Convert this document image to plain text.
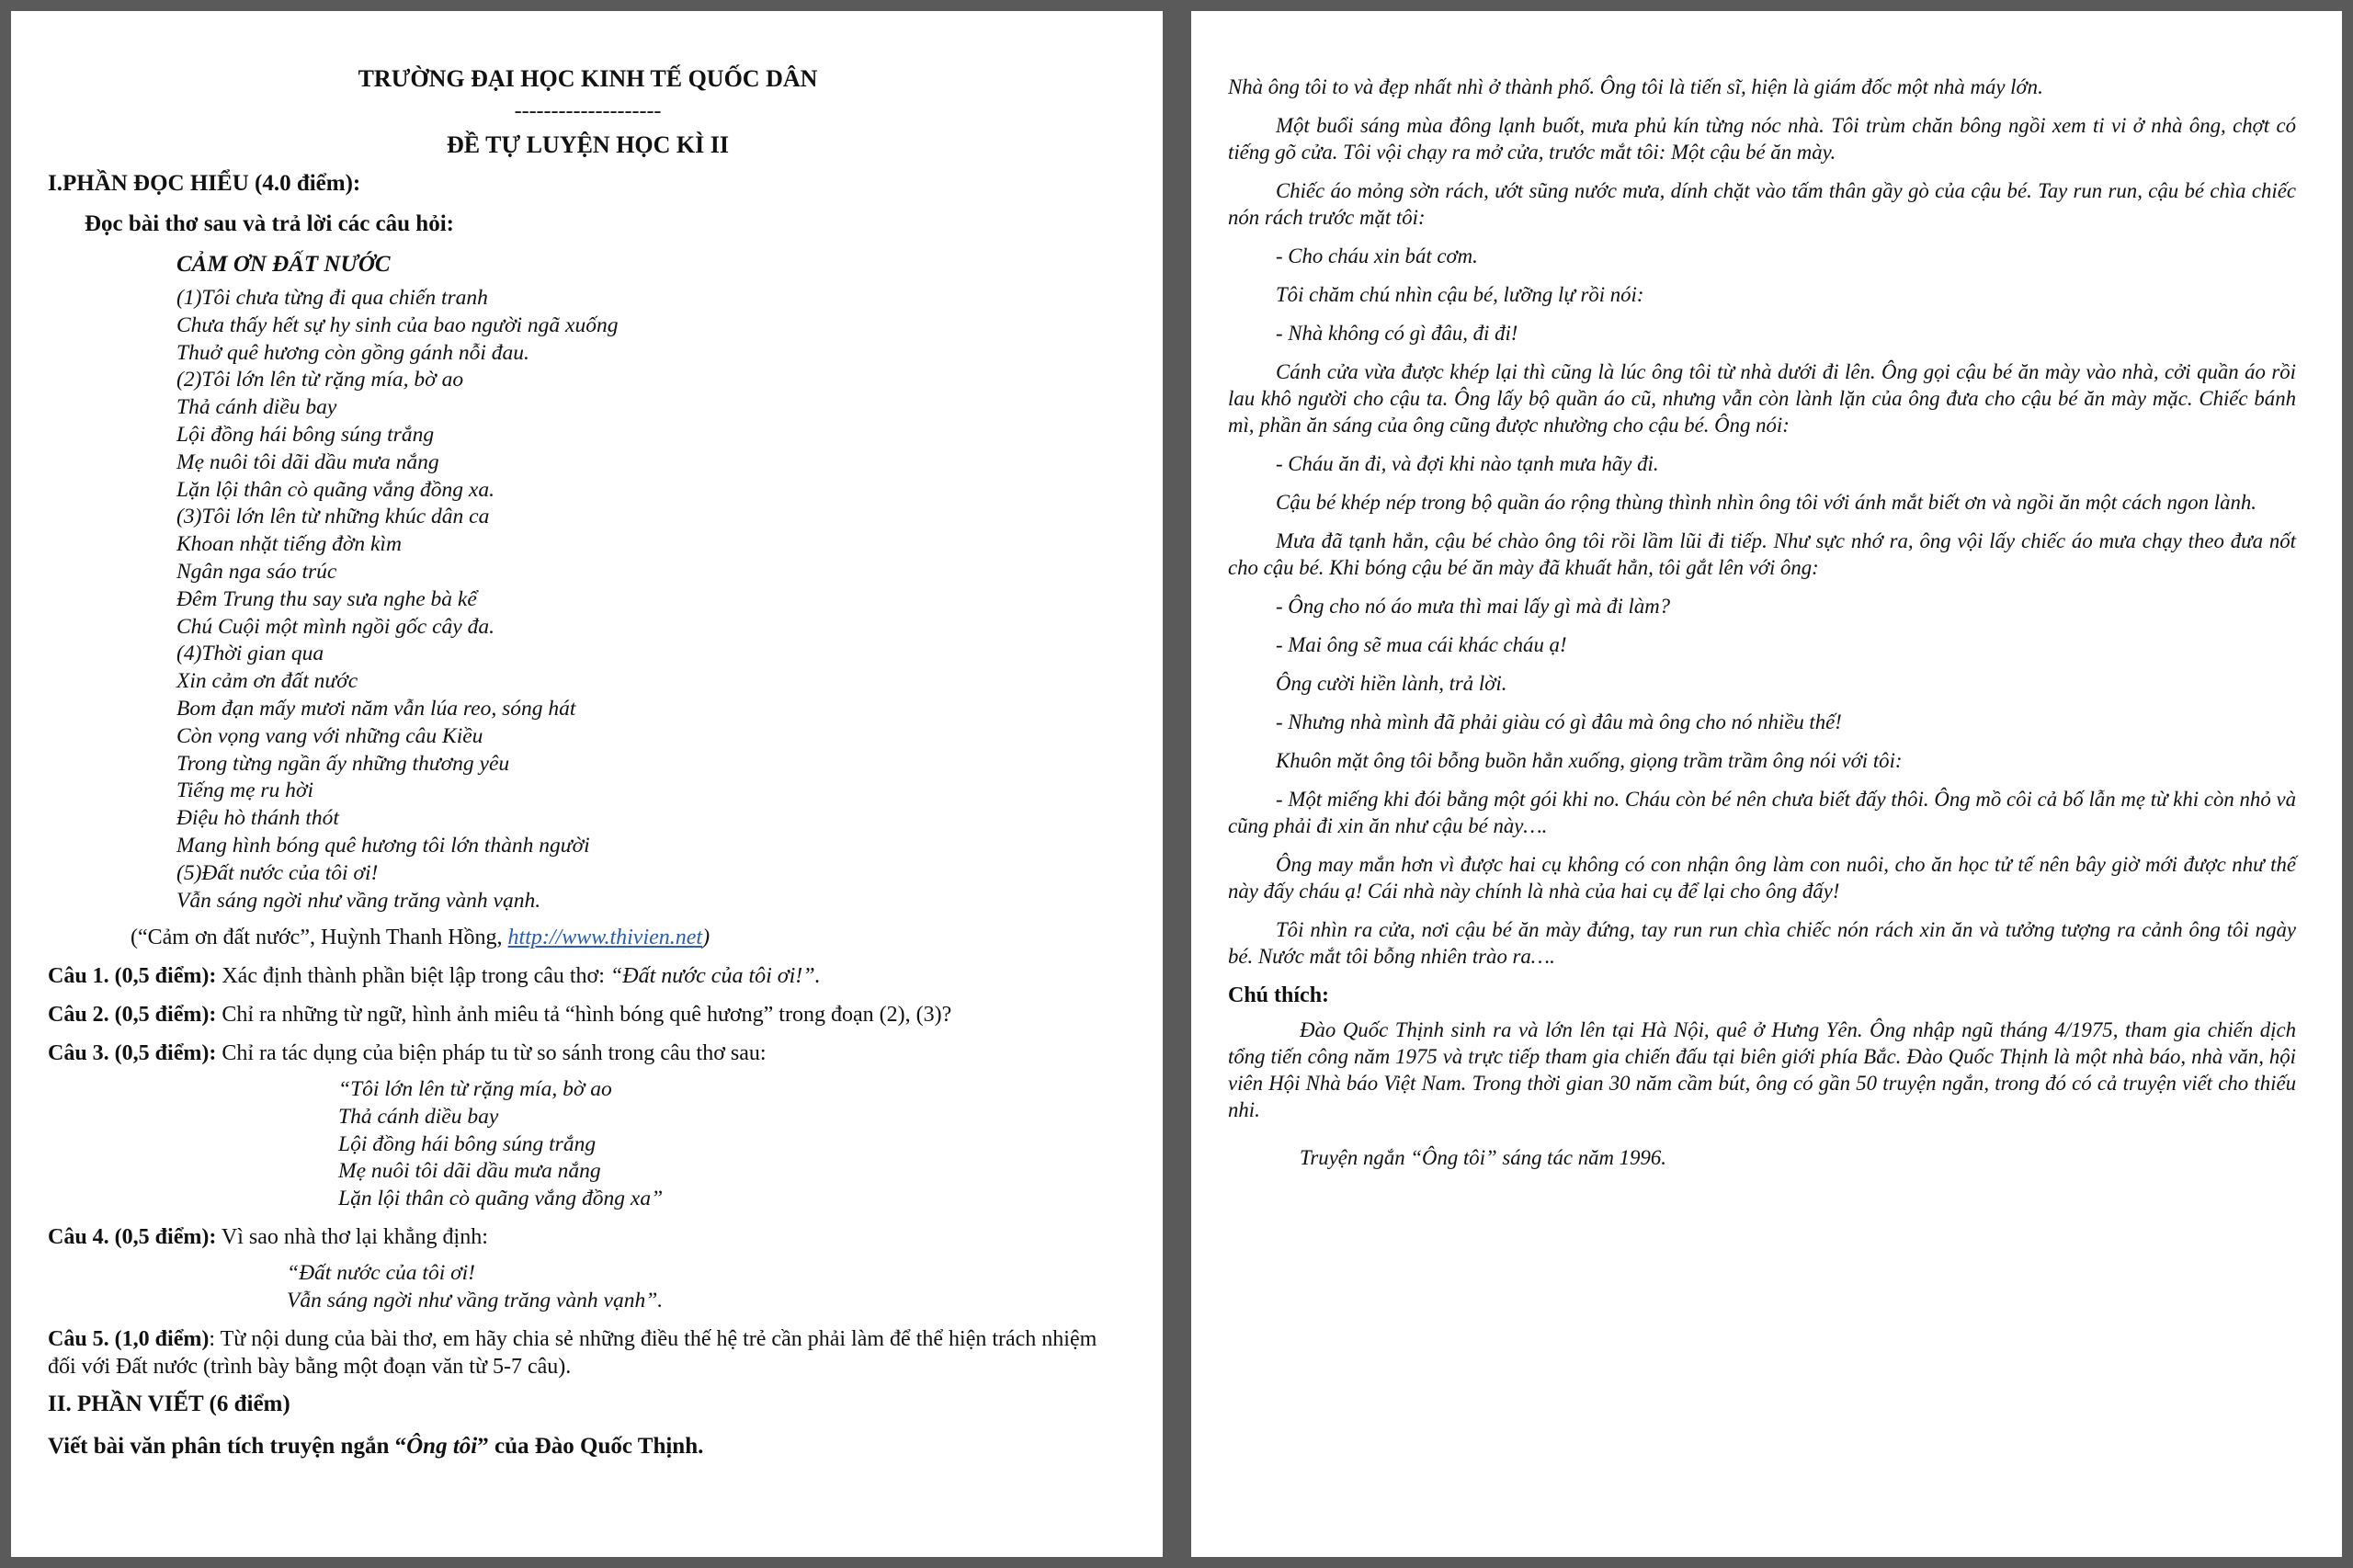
TRƯỜNG ĐẠI HỌC KINH TẾ QUỐC DÂN

--------------------

ĐỀ TỰ LUYỆN HỌC KÌ II

I.PHẦN ĐỌC HIỂU (4.0 điểm):

Đọc bài thơ sau và trả lời các câu hỏi:

CẢM ƠN ĐẤT NƯỚC

(1)Tôi chưa từng đi qua chiến tranh
Chưa thấy hết sự hy sinh của bao người ngã xuống
Thuở quê hương còn gồng gánh nỗi đau.
(2)Tôi lớn lên từ rặng mía, bờ ao
Thả cánh diều bay
Lội đồng hái bông súng trắng
Mẹ nuôi tôi dãi dầu mưa nắng
Lặn lội thân cò quãng vắng đồng xa.
(3)Tôi lớn lên từ những khúc dân ca
Khoan nhặt tiếng đờn kìm
Ngân nga sáo trúc
Đêm Trung thu say sưa nghe bà kể
Chú Cuội một mình ngồi gốc cây đa.
(4)Thời gian qua
Xin cảm ơn đất nước
Bom đạn mấy mươi năm vẫn lúa reo, sóng hát
Còn vọng vang với những câu Kiều
Trong từng ngần ấy những thương yêu
Tiếng mẹ ru hời
Điệu hò thánh thót
Mang hình bóng quê hương tôi lớn thành người
(5)Đất nước của tôi ơi!
Vẫn sáng ngời như vầng trăng vành vạnh.

(“Cảm ơn đất nước”, Huỳnh Thanh Hồng, http://www.thivien.net)

Câu 1. (0,5 điểm): Xác định thành phần biệt lập trong câu thơ: “Đất nước của tôi ơi!”.

Câu 2. (0,5 điểm): Chỉ ra những từ ngữ, hình ảnh miêu tả “hình bóng quê hương” trong đoạn (2), (3)?

Câu 3. (0,5 điểm): Chỉ ra tác dụng của biện pháp tu từ so sánh trong câu thơ sau:

“Tôi lớn lên từ rặng mía, bờ ao
Thả cánh diều bay
Lội đồng hái bông súng trắng
Mẹ nuôi tôi dãi dầu mưa nắng
Lặn lội thân cò quãng vắng đồng xa”

Câu 4. (0,5 điểm): Vì sao nhà thơ lại khẳng định:

“Đất nước của tôi ơi!
Vẫn sáng ngời như vầng trăng vành vạnh”.

Câu 5. (1,0 điểm): Từ nội dung của bài thơ, em hãy chia sẻ những điều thế hệ trẻ cần phải làm để thể hiện trách nhiệm đối với Đất nước (trình bày bằng một đoạn văn từ 5-7 câu).

II. PHẦN VIẾT (6 điểm)

Viết bài văn phân tích truyện ngắn “Ông tôi” của Đào Quốc Thịnh.

Nhà ông tôi to và đẹp nhất nhì ở thành phố. Ông tôi là tiến sĩ, hiện là giám đốc một nhà máy lớn.

Một buổi sáng mùa đông lạnh buốt, mưa phủ kín từng nóc nhà. Tôi trùm chăn bông ngồi xem ti vi ở nhà ông, chợt có tiếng gõ cửa. Tôi vội chạy ra mở cửa, trước mắt tôi: Một cậu bé ăn mày.

Chiếc áo mỏng sờn rách, ướt sũng nước mưa, dính chặt vào tấm thân gầy gò của cậu bé. Tay run run, cậu bé chìa chiếc nón rách trước mặt tôi:

- Cho cháu xin bát cơm.

Tôi chăm chú nhìn cậu bé, lưỡng lự rồi nói:

- Nhà không có gì đâu, đi đi!

Cánh cửa vừa được khép lại thì cũng là lúc ông tôi từ nhà dưới đi lên. Ông gọi cậu bé ăn mày vào nhà, cởi quần áo rồi lau khô người cho cậu ta. Ông lấy bộ quần áo cũ, nhưng vẫn còn lành lặn của ông đưa cho cậu bé ăn mày mặc. Chiếc bánh mì, phần ăn sáng của ông cũng được nhường cho cậu bé. Ông nói:

- Cháu ăn đi, và đợi khi nào tạnh mưa hãy đi.

Cậu bé khép nép trong bộ quần áo rộng thùng thình nhìn ông tôi với ánh mắt biết ơn và ngồi ăn một cách ngon lành.

Mưa đã tạnh hẳn, cậu bé chào ông tôi rồi lầm lũi đi tiếp. Như sực nhớ ra, ông vội lấy chiếc áo mưa chạy theo đưa nốt cho cậu bé. Khi bóng cậu bé ăn mày đã khuất hẳn, tôi gắt lên với ông:

- Ông cho nó áo mưa thì mai lấy gì mà đi làm?

- Mai ông sẽ mua cái khác cháu ạ!

Ông cười hiền lành, trả lời.

- Nhưng nhà mình đã phải giàu có gì đâu mà ông cho nó nhiều thế!

Khuôn mặt ông tôi bỗng buồn hẳn xuống, giọng trầm trầm ông nói với tôi:

- Một miếng khi đói bằng một gói khi no. Cháu còn bé nên chưa biết đấy thôi. Ông mồ côi cả bố lẫn mẹ từ khi còn nhỏ và cũng phải đi xin ăn như cậu bé này….

Ông may mắn hơn vì được hai cụ không có con nhận ông làm con nuôi, cho ăn học tử tế nên bây giờ mới được như thế này đấy cháu ạ! Cái nhà này chính là nhà của hai cụ để lại cho ông đấy!

Tôi nhìn ra cửa, nơi cậu bé ăn mày đứng, tay run run chìa chiếc nón rách xin ăn và tưởng tượng ra cảnh ông tôi ngày bé. Nước mắt tôi bỗng nhiên trào ra….

Chú thích:

Đào Quốc Thịnh sinh ra và lớn lên tại Hà Nội, quê ở Hưng Yên. Ông nhập ngũ tháng 4/1975, tham gia chiến dịch tổng tiến công năm 1975 và trực tiếp tham gia chiến đấu tại biên giới phía Bắc. Đào Quốc Thịnh là một nhà báo, nhà văn, hội viên Hội Nhà báo Việt Nam. Trong thời gian 30 năm cầm bút, ông có gần 50 truyện ngắn, trong đó có cả truyện viết cho thiếu nhi.

Truyện ngắn “Ông tôi” sáng tác năm 1996.
